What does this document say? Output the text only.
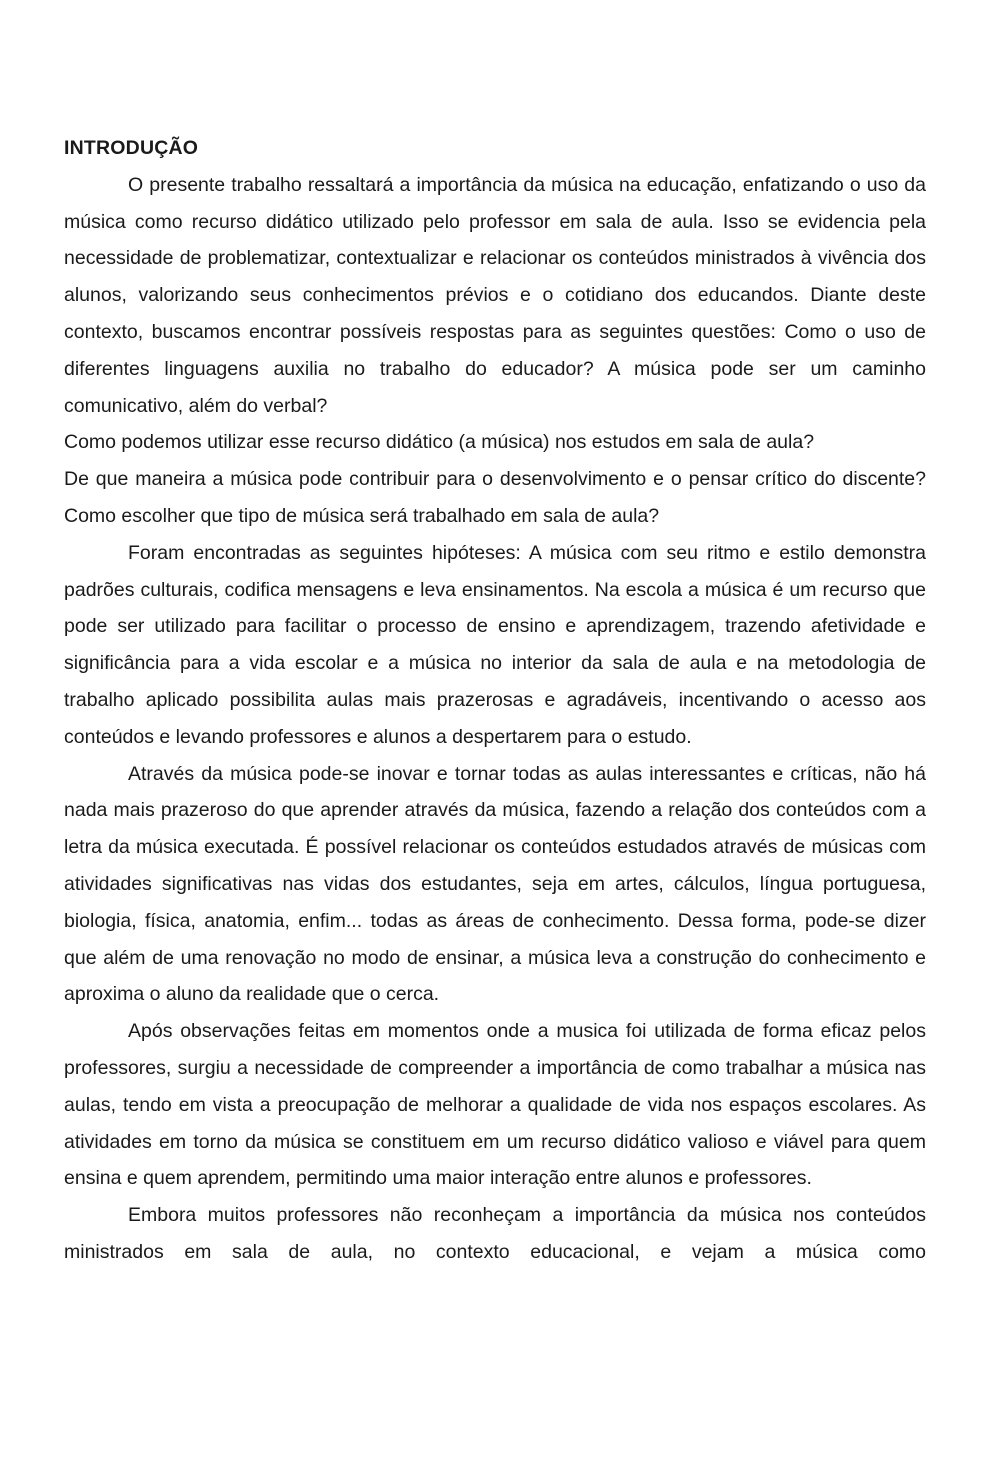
INTRODUÇÃO

O presente trabalho ressaltará a importância da música na educação, enfatizando o uso da música como recurso didático utilizado pelo professor em sala de aula. Isso se evidencia pela necessidade de problematizar, contextualizar e relacionar os conteúdos ministrados à vivência dos alunos, valorizando seus conhecimentos prévios e o cotidiano dos educandos. Diante deste contexto, buscamos encontrar possíveis respostas para as seguintes questões: Como o uso de diferentes linguagens auxilia no trabalho do educador? A música pode ser um caminho comunicativo, além do verbal?

Como podemos utilizar esse recurso didático (a música) nos estudos em sala de aula?

De que maneira a música pode contribuir para o desenvolvimento e o pensar crítico do discente? Como escolher que tipo de música será trabalhado em sala de aula?

Foram encontradas as seguintes hipóteses: A música com seu ritmo e estilo demonstra padrões culturais, codifica mensagens e leva ensinamentos. Na escola a música é um recurso que pode ser utilizado para facilitar o processo de ensino e aprendizagem, trazendo afetividade e significância para a vida escolar e a música no interior da sala de aula e na metodologia de trabalho aplicado possibilita aulas mais prazerosas e agradáveis, incentivando o acesso aos conteúdos e levando professores e alunos a despertarem para o estudo.

Através da música pode-se inovar e tornar todas as aulas interessantes e críticas, não há nada mais prazeroso do que aprender através da música, fazendo a relação dos conteúdos com a letra da música executada. É possível relacionar os conteúdos estudados através de músicas com atividades significativas nas vidas dos estudantes, seja em artes, cálculos, língua portuguesa, biologia, física, anatomia, enfim... todas as áreas de conhecimento. Dessa forma, pode-se dizer que além de uma renovação no modo de ensinar, a música leva a construção do conhecimento e aproxima o aluno da realidade que o cerca.

Após observações feitas em momentos onde a musica foi utilizada de forma eficaz pelos professores, surgiu a necessidade de compreender a importância de como trabalhar a música nas aulas, tendo em vista a preocupação de melhorar a qualidade de vida nos espaços escolares. As atividades em torno da música se constituem em um recurso didático valioso e viável para quem ensina e quem aprendem, permitindo uma maior interação entre alunos e professores.

Embora muitos professores não reconheçam a importância da música nos conteúdos ministrados em sala de aula, no contexto educacional, e vejam a música como
